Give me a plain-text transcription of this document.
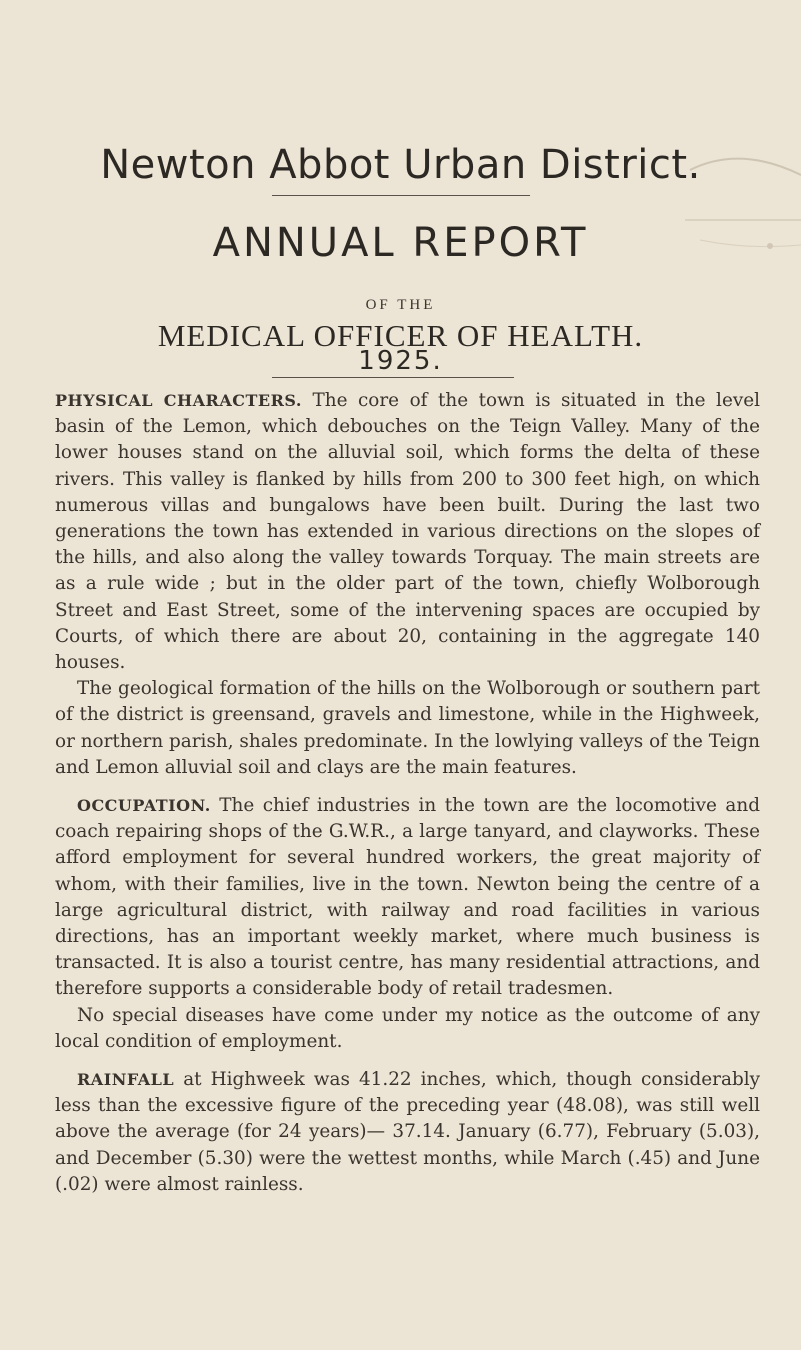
Newton Abbot Urban District.
ANNUAL REPORT
OF THE
MEDICAL OFFICER OF HEALTH.
1925.

PHYSICAL CHARACTERS. The core of the town is situated in the level basin of the Lemon, which debouches on the Teign Valley. Many of the lower houses stand on the alluvial soil, which forms the delta of these rivers. This valley is flanked by hills from 200 to 300 feet high, on which numerous villas and bungalows have been built. During the last two generations the town has extended in various directions on the slopes of the hills, and also along the valley towards Torquay. The main streets are as a rule wide ; but in the older part of the town, chiefly Wolborough Street and East Street, some of the intervening spaces are occupied by Courts, of which there are about 20, containing in the aggregate 140 houses.

The geological formation of the hills on the Wolborough or southern part of the district is greensand, gravels and limestone, while in the Highweek, or northern parish, shales predominate. In the lowlying valleys of the Teign and Lemon alluvial soil and clays are the main features.

OCCUPATION. The chief industries in the town are the locomotive and coach repairing shops of the G.W.R., a large tanyard, and clayworks. These afford employment for several hundred workers, the great majority of whom, with their families, live in the town. Newton being the centre of a large agricultural district, with railway and road facilities in various directions, has an important weekly market, where much business is transacted. It is also a tourist centre, has many residential attractions, and therefore supports a considerable body of retail tradesmen.

No special diseases have come under my notice as the outcome of any local condition of employment.

RAINFALL at Highweek was 41.22 inches, which, though considerably less than the excessive figure of the preceding year (48.08), was still well above the average (for 24 years)— 37.14. January (6.77), February (5.03), and December (5.30) were the wettest months, while March (.45) and June (.02) were almost rainless.
